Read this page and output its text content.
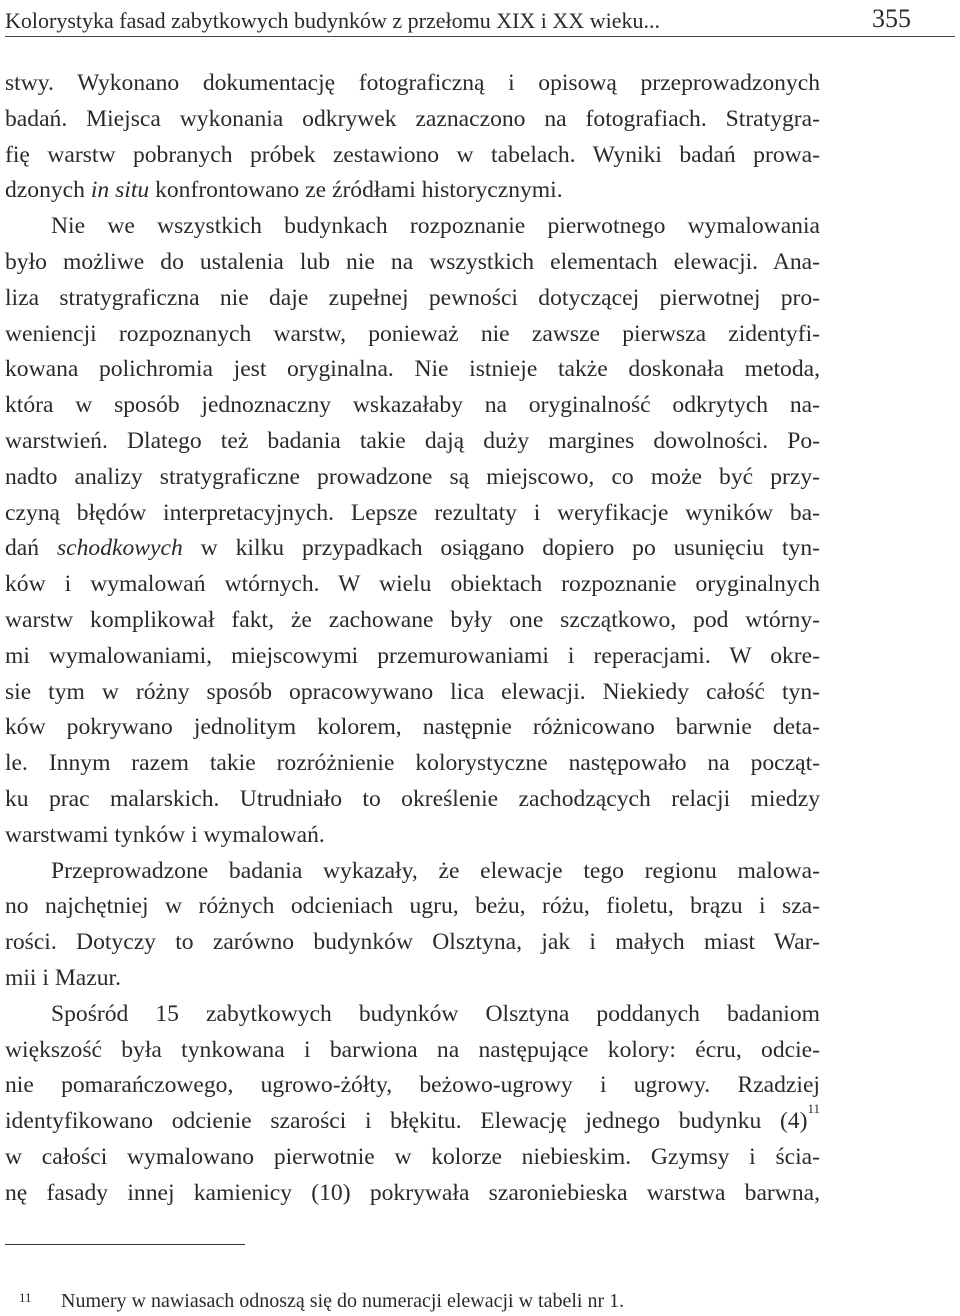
Kolorystyka fasad zabytkowych budynków z przełomu XIX i XX wieku...	355
stwy. Wykonano dokumentację fotograficzną i opisową przeprowadzonych
badań. Miejsca wykonania odkrywek zaznaczono na fotografiach. Stratygra-
fię warstw pobranych próbek zestawiono w tabelach. Wyniki badań prowa-
dzonych in situ konfrontowano ze źródłami historycznymi.
Nie we wszystkich budynkach rozpoznanie pierwotnego wymalowania
było możliwe do ustalenia lub nie na wszystkich elementach elewacji. Ana-
liza stratygraficzna nie daje zupełnej pewności dotyczącej pierwotnej pro-
weniencji rozpoznanych warstw, ponieważ nie zawsze pierwsza zidentyfi-
kowana polichromia jest oryginalna. Nie istnieje także doskonała metoda,
która w sposób jednoznaczny wskazałaby na oryginalność odkrytych na-
warstwień. Dlatego też badania takie dają duży margines dowolności. Po-
nadto analizy stratygraficzne prowadzone są miejscowo, co może być przy-
czyną błędów interpretacyjnych. Lepsze rezultaty i weryfikacje wyników ba-
dań schodkowych w kilku przypadkach osiągano dopiero po usunięciu tyn-
ków i wymalowań wtórnych. W wielu obiektach rozpoznanie oryginalnych
warstw komplikował fakt, że zachowane były one szczątkowo, pod wtórny-
mi wymalowaniami, miejscowymi przemurowaniami i reperacjami. W okre-
sie tym w różny sposób opracowywano lica elewacji. Niekiedy całość tyn-
ków pokrywano jednolitym kolorem, następnie różnicowano barwnie deta-
le. Innym razem takie rozróżnienie kolorystyczne następowało na począt-
ku prac malarskich. Utrudniało to określenie zachodzących relacji miedzy
warstwami tynków i wymalowań.
Przeprowadzone badania wykazały, że elewacje tego regionu malowa-
no najchętniej w różnych odcieniach ugru, beżu, różu, fioletu, brązu i sza-
rości. Dotyczy to zarówno budynków Olsztyna, jak i małych miast War-
mii i Mazur.
Spośród 15 zabytkowych budynków Olsztyna poddanych badaniom
większość była tynkowana i barwiona na następujące kolory: écru, odcie-
nie pomarańczowego, ugrowo-żółty, beżowo-ugrowy i ugrowy. Rzadziej
identyfikowano odcienie szarości i błękitu. Elewację jednego budynku $(4)^{11}$
w całości wymalowano pierwotnie w kolorze niebieskim. Gzymsy i ścia-
nę fasady innej kamienicy (10) pokrywała szaroniebieska warstwa barwna,
11 Numery w nawiasach odnoszą się do numeracji elewacji w tabeli nr 1.
